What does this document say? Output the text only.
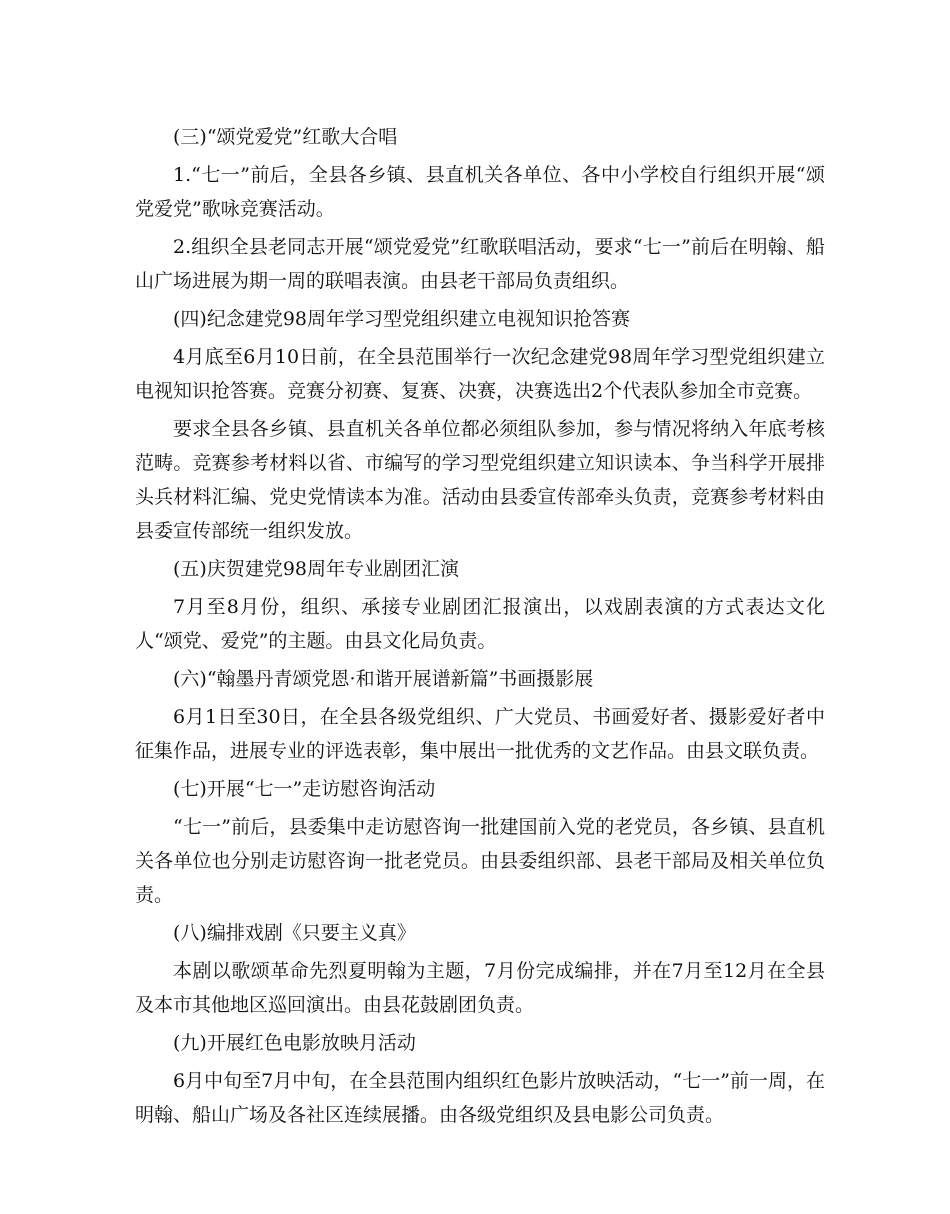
(三)“颂党爱党”红歌大合唱

1.“七一”前后，全县各乡镇、县直机关各单位、各中小学校自行组织开展“颂党爱党”歌咏竞赛活动。

2.组织全县老同志开展“颂党爱党”红歌联唱活动，要求“七一”前后在明翰、船山广场进展为期一周的联唱表演。由县老干部局负责组织。

(四)纪念建党98周年学习型党组织建立电视知识抢答赛

4月底至6月10日前，在全县范围举行一次纪念建党98周年学习型党组织建立电视知识抢答赛。竞赛分初赛、复赛、决赛，决赛选出2个代表队参加全市竞赛。

要求全县各乡镇、县直机关各单位都必须组队参加，参与情况将纳入年底考核范畴。竞赛参考材料以省、市编写的学习型党组织建立知识读本、争当科学开展排头兵材料汇编、党史党情读本为准。活动由县委宣传部牵头负责，竞赛参考材料由县委宣传部统一组织发放。

(五)庆贺建党98周年专业剧团汇演

7月至8月份，组织、承接专业剧团汇报演出，以戏剧表演的方式表达文化人“颂党、爱党”的主题。由县文化局负责。

(六)“翰墨丹青颂党恩·和谐开展谱新篇”书画摄影展

6月1日至30日，在全县各级党组织、广大党员、书画爱好者、摄影爱好者中征集作品，进展专业的评选表彰，集中展出一批优秀的文艺作品。由县文联负责。

(七)开展“七一”走访慰咨询活动

“七一”前后，县委集中走访慰咨询一批建国前入党的老党员，各乡镇、县直机关各单位也分别走访慰咨询一批老党员。由县委组织部、县老干部局及相关单位负责。

(八)编排戏剧《只要主义真》

本剧以歌颂革命先烈夏明翰为主题，7月份完成编排，并在7月至12月在全县及本市其他地区巡回演出。由县花鼓剧团负责。

(九)开展红色电影放映月活动

6月中旬至7月中旬，在全县范围内组织红色影片放映活动，“七一”前一周，在明翰、船山广场及各社区连续展播。由各级党组织及县电影公司负责。
